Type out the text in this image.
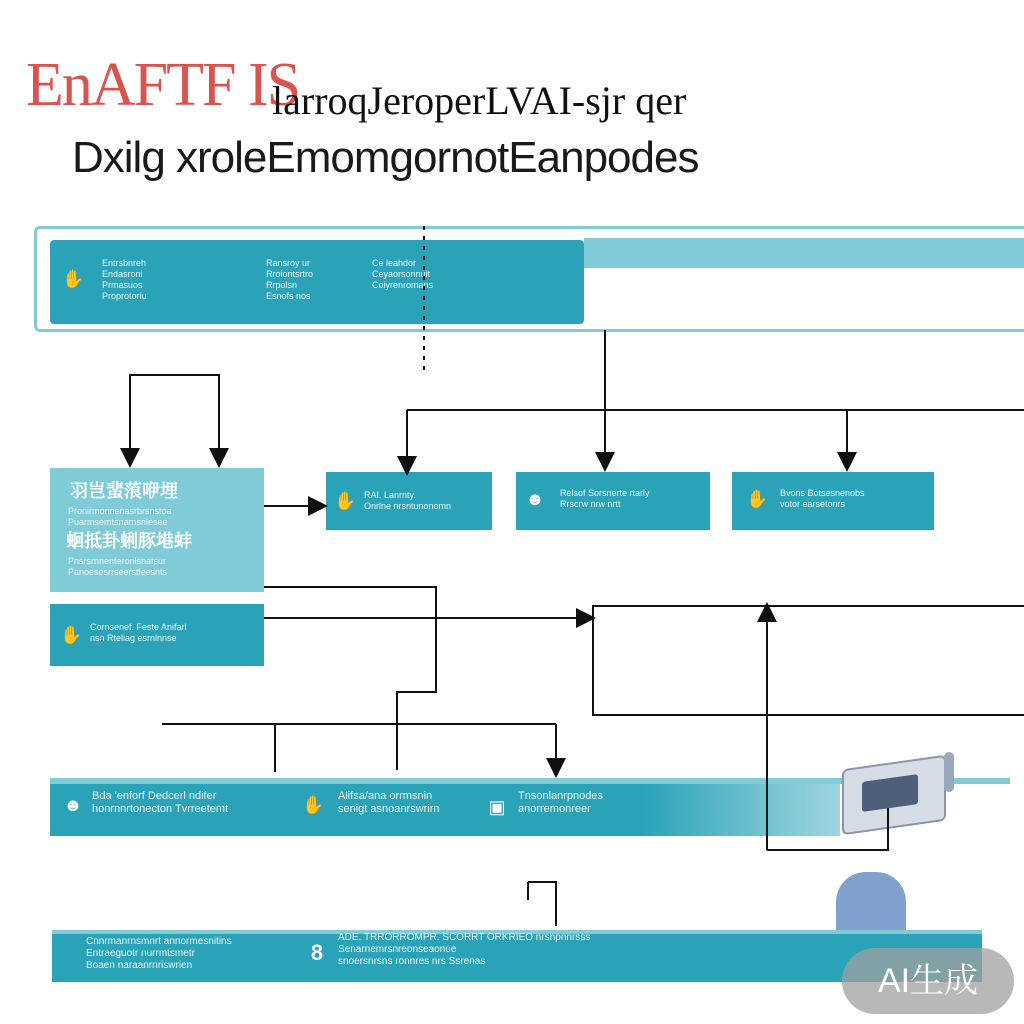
EnAFTF IS
larroqJeroperLVAI-sjr qer
Dxilg xroleEmomgornotEanpodes
✋
Entrsbnreh
Endasroni
Prmasuos
Proprotoriu
Ransroy ur
Rroiontsrtro
Rrpolsn
Esnofs nos
Ce leahdor
Ceyaorsonnuit
Coiyrenromans
羽岂蜚蒗咿埋
Pronirmonnenasrbrsnstoa
Puarmsemtsnarnsnlesee
蛔抵卦蜊豚塂蚌
Pnsrsrnnenteronlsnatsur
Panoesesrrseerstleesnts
✋ RAI. Lanrnty.
Onrlne nrsntunonomn	☻ Relsof Sorsnerte rtarly
Rrscrw nrw nrtt	✋ Bvons Botsesnenobs
votor earsetonrs
✋ Cornsenef. Feste Anifarl
nsn Rteliag esrnlnnse
☻ Bda 'enforf Dedcerl ndifer
honrnnrtonecton Tvrreetemt	✋ Alifsa/ana orrmsnin
senigt asnoanrswrirn	▣
Tnsonlanrpnodes
anorremonreer
Cnnrmanrnsmnrt annormesnitins
Entraeguotr nurrmtsmetr
Boaen naraanrnriswrien
8
ADE. TRRORROMPR. SCORRT ORKRIEO nrsnpnnrsss
Senarnemrsnreonseaonoe
snoersnrsns ronnres nrs Ssrenas
AI生成
